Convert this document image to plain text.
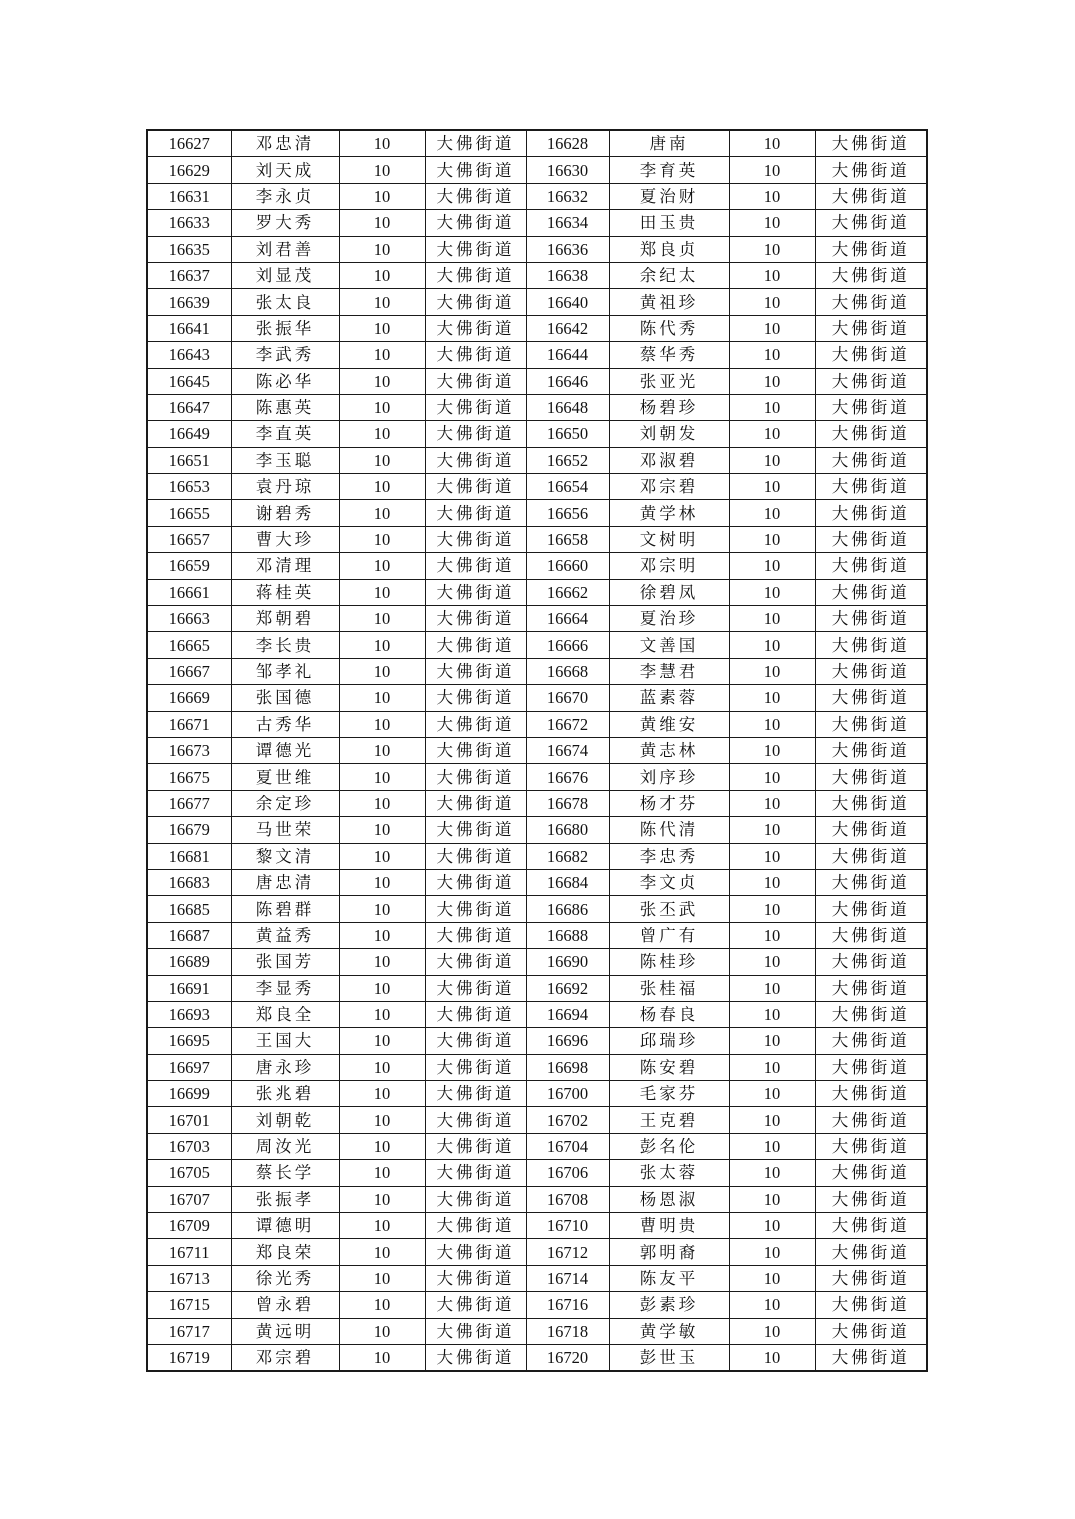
16627	邓忠清	10	大佛街道	16628	唐南	10	大佛街道
16629	刘天成	10	大佛街道	16630	李育英	10	大佛街道
16631	李永贞	10	大佛街道	16632	夏治财	10	大佛街道
16633	罗大秀	10	大佛街道	16634	田玉贵	10	大佛街道
16635	刘君善	10	大佛街道	16636	郑良贞	10	大佛街道
16637	刘显茂	10	大佛街道	16638	余纪太	10	大佛街道
16639	张太良	10	大佛街道	16640	黄祖珍	10	大佛街道
16641	张振华	10	大佛街道	16642	陈代秀	10	大佛街道
16643	李武秀	10	大佛街道	16644	蔡华秀	10	大佛街道
16645	陈必华	10	大佛街道	16646	张亚光	10	大佛街道
16647	陈惠英	10	大佛街道	16648	杨碧珍	10	大佛街道
16649	李直英	10	大佛街道	16650	刘朝发	10	大佛街道
16651	李玉聪	10	大佛街道	16652	邓淑碧	10	大佛街道
16653	袁丹琼	10	大佛街道	16654	邓宗碧	10	大佛街道
16655	谢碧秀	10	大佛街道	16656	黄学林	10	大佛街道
16657	曹大珍	10	大佛街道	16658	文树明	10	大佛街道
16659	邓清理	10	大佛街道	16660	邓宗明	10	大佛街道
16661	蒋桂英	10	大佛街道	16662	徐碧凤	10	大佛街道
16663	郑朝碧	10	大佛街道	16664	夏治珍	10	大佛街道
16665	李长贵	10	大佛街道	16666	文善国	10	大佛街道
16667	邹孝礼	10	大佛街道	16668	李慧君	10	大佛街道
16669	张国德	10	大佛街道	16670	蓝素蓉	10	大佛街道
16671	古秀华	10	大佛街道	16672	黄维安	10	大佛街道
16673	谭德光	10	大佛街道	16674	黄志林	10	大佛街道
16675	夏世维	10	大佛街道	16676	刘序珍	10	大佛街道
16677	余定珍	10	大佛街道	16678	杨才芬	10	大佛街道
16679	马世荣	10	大佛街道	16680	陈代清	10	大佛街道
16681	黎文清	10	大佛街道	16682	李忠秀	10	大佛街道
16683	唐忠清	10	大佛街道	16684	李文贞	10	大佛街道
16685	陈碧群	10	大佛街道	16686	张丕武	10	大佛街道
16687	黄益秀	10	大佛街道	16688	曾广有	10	大佛街道
16689	张国芳	10	大佛街道	16690	陈桂珍	10	大佛街道
16691	李显秀	10	大佛街道	16692	张桂福	10	大佛街道
16693	郑良全	10	大佛街道	16694	杨春良	10	大佛街道
16695	王国大	10	大佛街道	16696	邱瑞珍	10	大佛街道
16697	唐永珍	10	大佛街道	16698	陈安碧	10	大佛街道
16699	张兆碧	10	大佛街道	16700	毛家芬	10	大佛街道
16701	刘朝乾	10	大佛街道	16702	王克碧	10	大佛街道
16703	周汝光	10	大佛街道	16704	彭名伦	10	大佛街道
16705	蔡长学	10	大佛街道	16706	张太蓉	10	大佛街道
16707	张振孝	10	大佛街道	16708	杨恩淑	10	大佛街道
16709	谭德明	10	大佛街道	16710	曹明贵	10	大佛街道
16711	郑良荣	10	大佛街道	16712	郭明裔	10	大佛街道
16713	徐光秀	10	大佛街道	16714	陈友平	10	大佛街道
16715	曾永碧	10	大佛街道	16716	彭素珍	10	大佛街道
16717	黄远明	10	大佛街道	16718	黄学敏	10	大佛街道
16719	邓宗碧	10	大佛街道	16720	彭世玉	10	大佛街道
